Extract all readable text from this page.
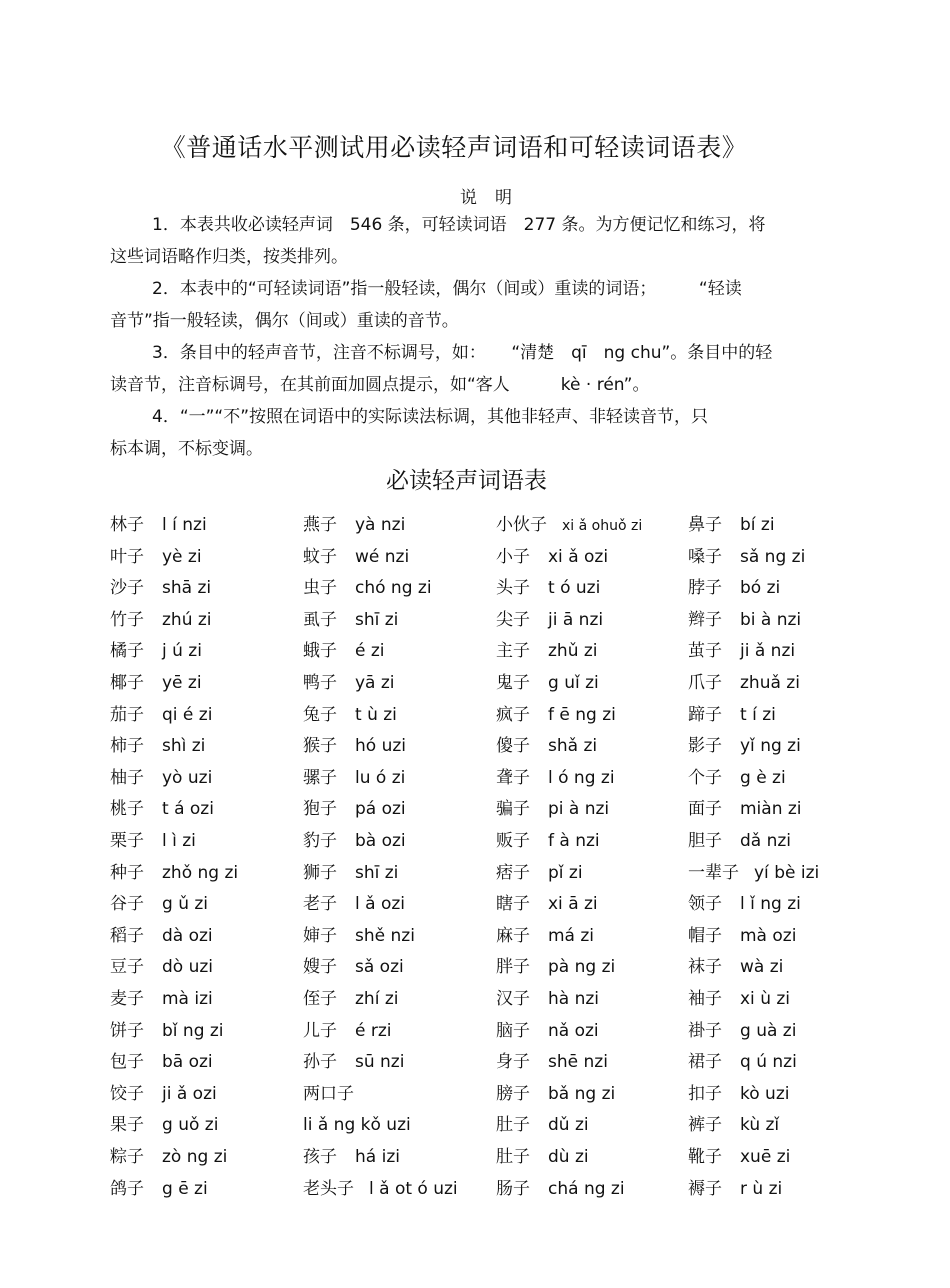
《普通话水平测试用必读轻声词语和可轻读词语表》
说明
1．本表共收必读轻声词　546 条，可轻读词语　277 条。为方便记忆和练习，将
这些词语略作归类，按类排列。
2．本表中的“可轻读词语”指一般轻读，偶尔（间或）重读的词语；　　　“轻读
音节”指一般轻读，偶尔（间或）重读的音节。
3．条目中的轻声音节，注音不标调号，如：　　“清楚　qī　ng chu”。条目中的轻
读音节，注音标调号，在其前面加圆点提示，如“客人　　　kè · rén”。
4．“一”“不”按照在词语中的实际读法标调，其他非轻声、非轻读音节，只
标本调，不标变调。
必读轻声词语表
林子 l í nzi	燕子 yà nzi	小伙子 xi ǎ ohuǒ zi	鼻子 bí zi
叶子 yè zi	蚊子 wé nzi	小子 xi ǎ ozi	嗓子 sǎ ng zi
沙子 shā zi	虫子 chó ng zi	头子 t ó uzi	脖子 bó zi
竹子 zhú zi	虱子 shī zi	尖子 ji ā nzi	辫子 bi à nzi
橘子 j ú zi	蛾子 é zi	主子 zhǔ zi	茧子 ji ǎ nzi
椰子 yē zi	鸭子 yā zi	鬼子 g uǐ zi	爪子 zhuǎ zi
茄子 qi é zi	兔子 t ù zi	疯子 f ē ng zi	蹄子 t í zi
柿子 shì zi	猴子 hó uzi	傻子 shǎ zi	影子 yǐ ng zi
柚子 yò uzi	骡子 lu ó zi	聋子 l ó ng zi	个子 g è zi
桃子 t á ozi	狍子 pá ozi	骗子 pi à nzi	面子 miàn zi
栗子 l ì zi	豹子 bà ozi	贩子 f à nzi	胆子 dǎ nzi
种子 zhǒ ng zi	狮子 shī zi	痞子 pǐ zi	一辈子 yí bè izi
谷子 g ǔ zi	老子 l ǎ ozi	瞎子 xi ā zi	领子 l ǐ ng zi
稻子 dà ozi	婶子 shě nzi	麻子 má zi	帽子 mà ozi
豆子 dò uzi	嫂子 sǎ ozi	胖子 pà ng zi	袜子 wà zi
麦子 mà izi	侄子 zhí zi	汉子 hà nzi	袖子 xi ù zi
饼子 bǐ ng zi	儿子 é rzi	脑子 nǎ ozi	褂子 g uà zi
包子 bā ozi	孙子 sū nzi	身子 shē nzi	裙子 q ú nzi
饺子 ji ǎ ozi	两口子	膀子 bǎ ng zi	扣子 kò uzi
果子 g uǒ zi	li ǎ ng kǒ uzi	肚子 dǔ zi	裤子 kù zǐ
粽子 zò ng zi	孩子 há izi	肚子 dù zi	靴子 xuē zi
鸽子 g ē zi	老头子 l ǎ ot ó uzi 肠子 chá ng zi	褥子 r ù zi
